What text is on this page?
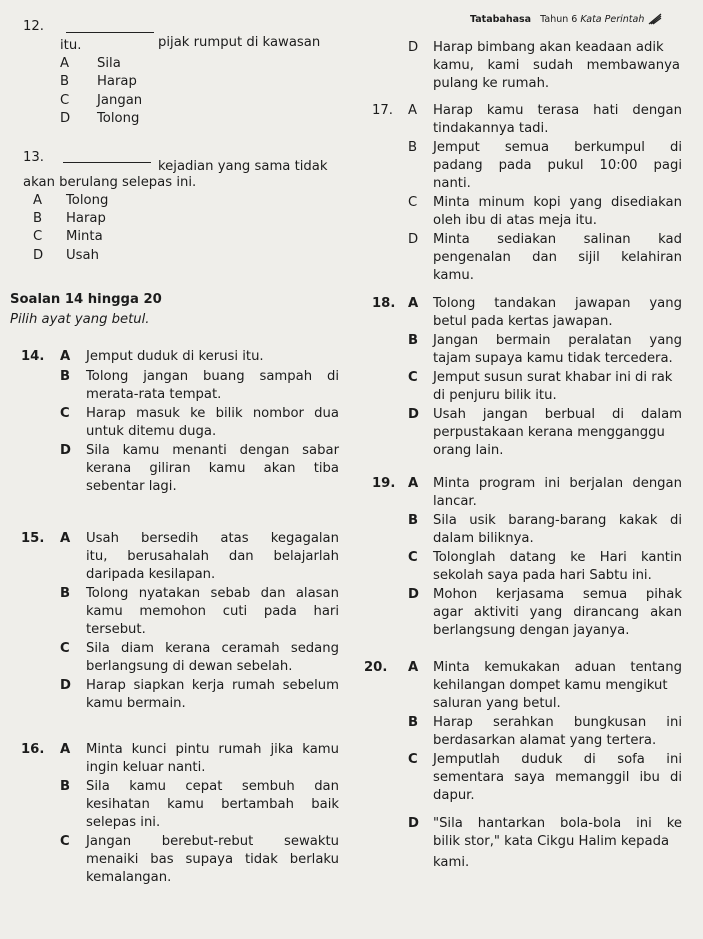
Tatabahasa Tahun 6 Kata Perintah
12.
pijak rumput di kawasan
itu.
A Sila
B Harap
C Jangan
D Tolong
13.
kejadian yang sama tidak
akan berulang selepas ini.
A Tolong
B Harap
C Minta
D Usah
Soalan 14 hingga 20
Pilih ayat yang betul.
14. A Jemput duduk di kerusi itu.
B Tolong jangan buang sampah di
merata-rata tempat.
C Harap masuk ke bilik nombor dua
untuk ditemu duga.
D Sila kamu menanti dengan sabar
kerana giliran kamu akan tiba
sebentar lagi.
15. A Usah bersedih atas kegagalan
itu, berusahalah dan belajarlah
daripada kesilapan.
B Tolong nyatakan sebab dan alasan
kamu memohon cuti pada hari
tersebut.
C Sila diam kerana ceramah sedang
berlangsung di dewan sebelah.
D Harap siapkan kerja rumah sebelum
kamu bermain.
16. A Minta kunci pintu rumah jika kamu
ingin keluar nanti.
B Sila kamu cepat sembuh dan
kesihatan kamu bertambah baik
selepas ini.
C Jangan berebut-rebut sewaktu
menaiki bas supaya tidak berlaku
kemalangan.
D Harap bimbang akan keadaan adik
kamu, kami sudah membawanya
pulang ke rumah.
17. A Harap kamu terasa hati dengan
tindakannya tadi.
B Jemput semua berkumpul di
padang pada pukul 10:00 pagi
nanti.
C Minta minum kopi yang disediakan
oleh ibu di atas meja itu.
D Minta sediakan salinan kad
pengenalan dan sijil kelahiran
kamu.
18. A Tolong tandakan jawapan yang
betul pada kertas jawapan.
B Jangan bermain peralatan yang
tajam supaya kamu tidak tercedera.
C Jemput susun surat khabar ini di rak
di penjuru bilik itu.
D Usah jangan berbual di dalam
perpustakaan kerana mengganggu
orang lain.
19. A Minta program ini berjalan dengan
lancar.
B Sila usik barang-barang kakak di
dalam biliknya.
C Tolonglah datang ke Hari kantin
sekolah saya pada hari Sabtu ini.
D Mohon kerjasama semua pihak
agar aktiviti yang dirancang akan
berlangsung dengan jayanya.
20. A Minta kemukakan aduan tentang
kehilangan dompet kamu mengikut
saluran yang betul.
B Harap serahkan bungkusan ini
berdasarkan alamat yang tertera.
C Jemputlah duduk di sofa ini
sementara saya memanggil ibu di
dapur.
D "Sila hantarkan bola-bola ini ke
bilik stor," kata Cikgu Halim kepada
kami.
